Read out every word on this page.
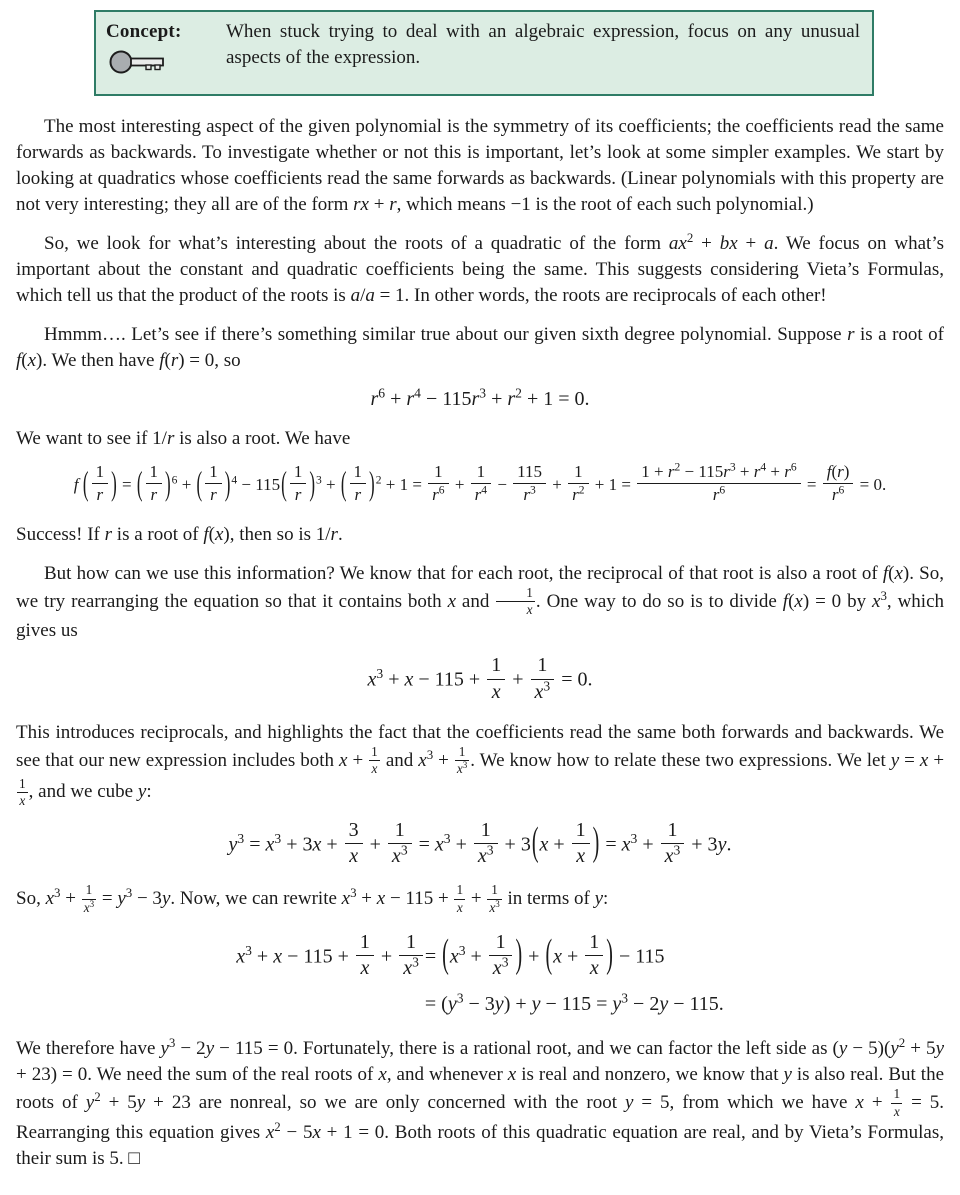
Concept:	When stuck trying to deal with an algebraic expression, focus on any unusual aspects of the expression.

The most interesting aspect of the given polynomial is the symmetry of its coefficients; the coefficients read the same forwards as backwards. To investigate whether or not this is important, let’s look at some simpler examples. We start by looking at quadratics whose coefficients read the same forwards as backwards. (Linear polynomials with this property are not very interesting; they all are of the form rx + r, which means −1 is the root of each such polynomial.)

So, we look for what’s interesting about the roots of a quadratic of the form $ax^2$ + bx + a. We focus on what’s important about the constant and quadratic coefficients being the same. This suggests considering Vieta’s Formulas, which tell us that the product of the roots is a/a = 1. In other words, the roots are reciprocals of each other!

Hmmm…. Let’s see if there’s something similar true about our given sixth degree polynomial. Suppose r is a root of f(x). We then have f(r) = 0, so

$r^6 + r^4 - 115r^3 + r^2 + 1 = 0$.

We want to see if 1/r is also a root. We have

f  ( $\frac{1}{r}$ ) = ( $\frac{1}{r} )^6$ + ( $\frac{1}{r} )^4 - 115( \frac{1}{r} )^3$ + ( $\frac{1}{r} )^2 + 1 = \frac{1}{r^6} + \frac{1}{r^4} - \frac{115}{r^3} + \frac{1}{r^2} + 1 = \frac{1 + r^2 - 115r^3 + r^4 + r^6}{r^6} = \frac{f(r)}{r^6} = 0$.

Success! If r is a root of f(x), then so is 1/r.

But how can we use this information? We know that for each root, the reciprocal of that root is also a root of f(x). So, we try rearranging the equation so that it contains both x and $\frac{1}{x}$ . One way to do so is to divide f(x) = 0 by $x^3$, which gives us

$x^3 + x - 115 + \frac{1}{x} + \frac{1}{x^3} = 0$.

This introduces reciprocals, and highlights the fact that the coefficients read the same both forwards and backwards. We see that our new expression includes both $x + \frac{1}{x}$ and $x^3 + \frac{1}{x^3}$ . We know how to relate these two expressions. We let y = x +
$\frac{1}{x}$ , and we cube y:

$y^3 = x^3 + 3x + \frac{3}{x} + \frac{1}{x^3} = x^3 + \frac{1}{x^3} + 3(x + \frac{1}{x}$ ) = $x^3 + \frac{1}{x^3} + 3y$.

So, $x^3 + \frac{1}{x^3} = y^3 - 3y$. Now, we can rewrite $x^3 + x - 115 + \frac{1}{x} + \frac{1}{x^3}$ in terms of y:

$x^3 + x - 115 + \frac{1}{x} + \frac{1}{x^3}$	= ($x^3 + \frac{1}{x^3}$ ) + ($x + \frac{1}{x}$ ) − 115
	= $(y^3 - 3y) + y - 115 = y^3 - 2y - 115$.

We therefore have $y^3 - 2y - 115 = 0$. Fortunately, there is a rational root, and we can factor the left side as $(y - 5)(y^2 + 5y + 23) = 0$. We need the sum of the real roots of x, and whenever x is real and nonzero, we know that y is also real. But the roots of $y^2 + 5y + 23$ are nonreal, so we are only concerned with the root y = 5, from which we have $x + \frac{1}{x} = 5$. Rearranging this equation gives $x^2 - 5x + 1 = 0$. Both roots of this quadratic equation are real, and by Vieta’s Formulas, their sum is 5. □
